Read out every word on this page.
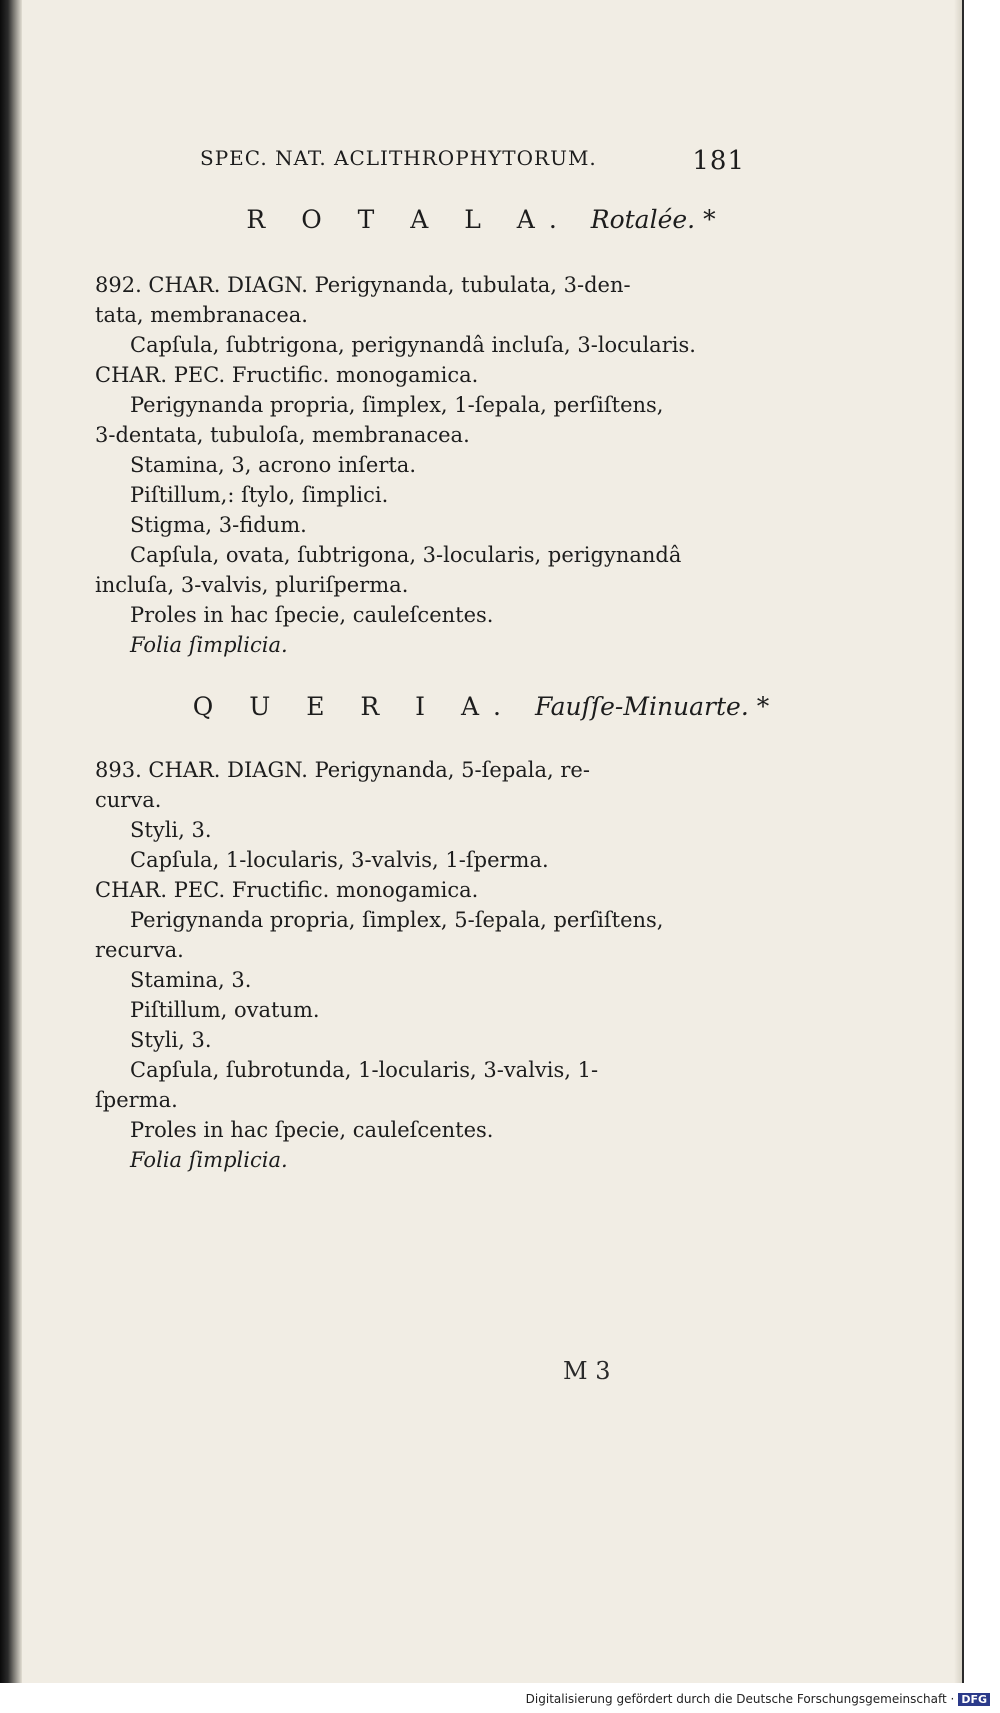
SPEC. NAT. ACLITHROPHYTORUM.	181
R O T A L A. Rotalée. *
892. CHAR. DIAGN. Perigynanda, tubulata, 3-den-
tata, membranacea.
Capſula, ſubtrigona, perigynandâ incluſa, 3-locularis.
CHAR. PEC. Fructific. monogamica.
Perigynanda propria, ſimplex, 1-ſepala, perſiſtens,
3-dentata, tubuloſa, membranacea.
Stamina, 3, acrono inſerta.
Piſtillum,: ſtylo, ſimplici.
Stigma, 3-fidum.
Capſula, ovata, ſubtrigona, 3-locularis, perigynandâ
incluſa, 3-valvis, pluriſperma.
Proles in hac ſpecie, cauleſcentes.
Folia ſimplicia.
Q U E R I A. Fauſſe-Minuarte. *
893. CHAR. DIAGN. Perigynanda, 5-ſepala, re-
curva.
Styli, 3.
Capſula, 1-locularis, 3-valvis, 1-ſperma.
CHAR. PEC. Fructific. monogamica.
Perigynanda propria, ſimplex, 5-ſepala, perſiſtens,
recurva.
Stamina, 3.
Piſtillum, ovatum.
Styli, 3.
Capſula, ſubrotunda, 1-locularis, 3-valvis, 1-
ſperma.
Proles in hac ſpecie, cauleſcentes.
Folia ſimplicia.
M 3
Digitalisierung gefördert durch die Deutsche Forschungsgemeinschaft · DFG
